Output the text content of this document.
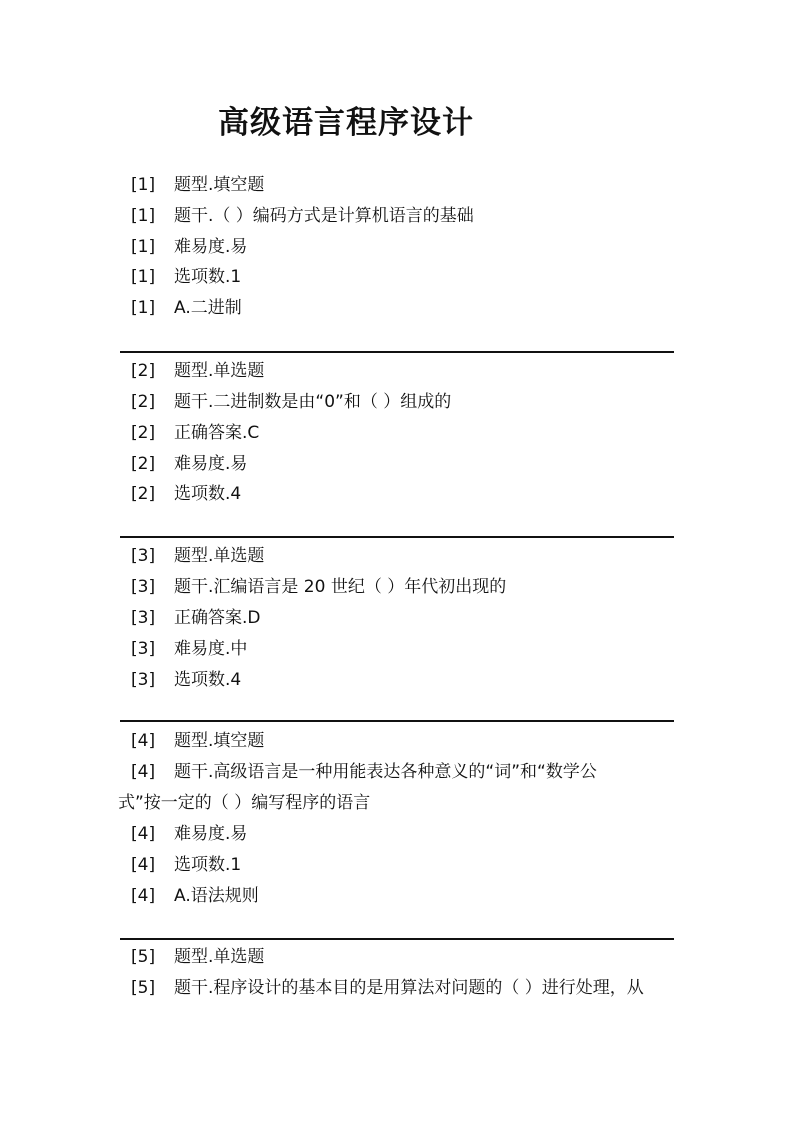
高级语言程序设计
[1] 题型.填空题
[1] 题干.（ ）编码方式是计算机语言的基础
[1] 难易度.易
[1] 选项数.1
[1] A.二进制
[2] 题型.单选题
[2] 题干.二进制数是由“0”和（ ）组成的
[2] 正确答案.C
[2] 难易度.易
[2] 选项数.4
[3] 题型.单选题
[3] 题干.汇编语言是 20 世纪（ ）年代初出现的
[3] 正确答案.D
[3] 难易度.中
[3] 选项数.4
[4] 题型.填空题
[4] 题干.高级语言是一种用能表达各种意义的“词”和“数学公
式”按一定的（ ）编写程序的语言
[4] 难易度.易
[4] 选项数.1
[4] A.语法规则
[5] 题型.单选题
[5] 题干.程序设计的基本目的是用算法对问题的（ ）进行处理，从
